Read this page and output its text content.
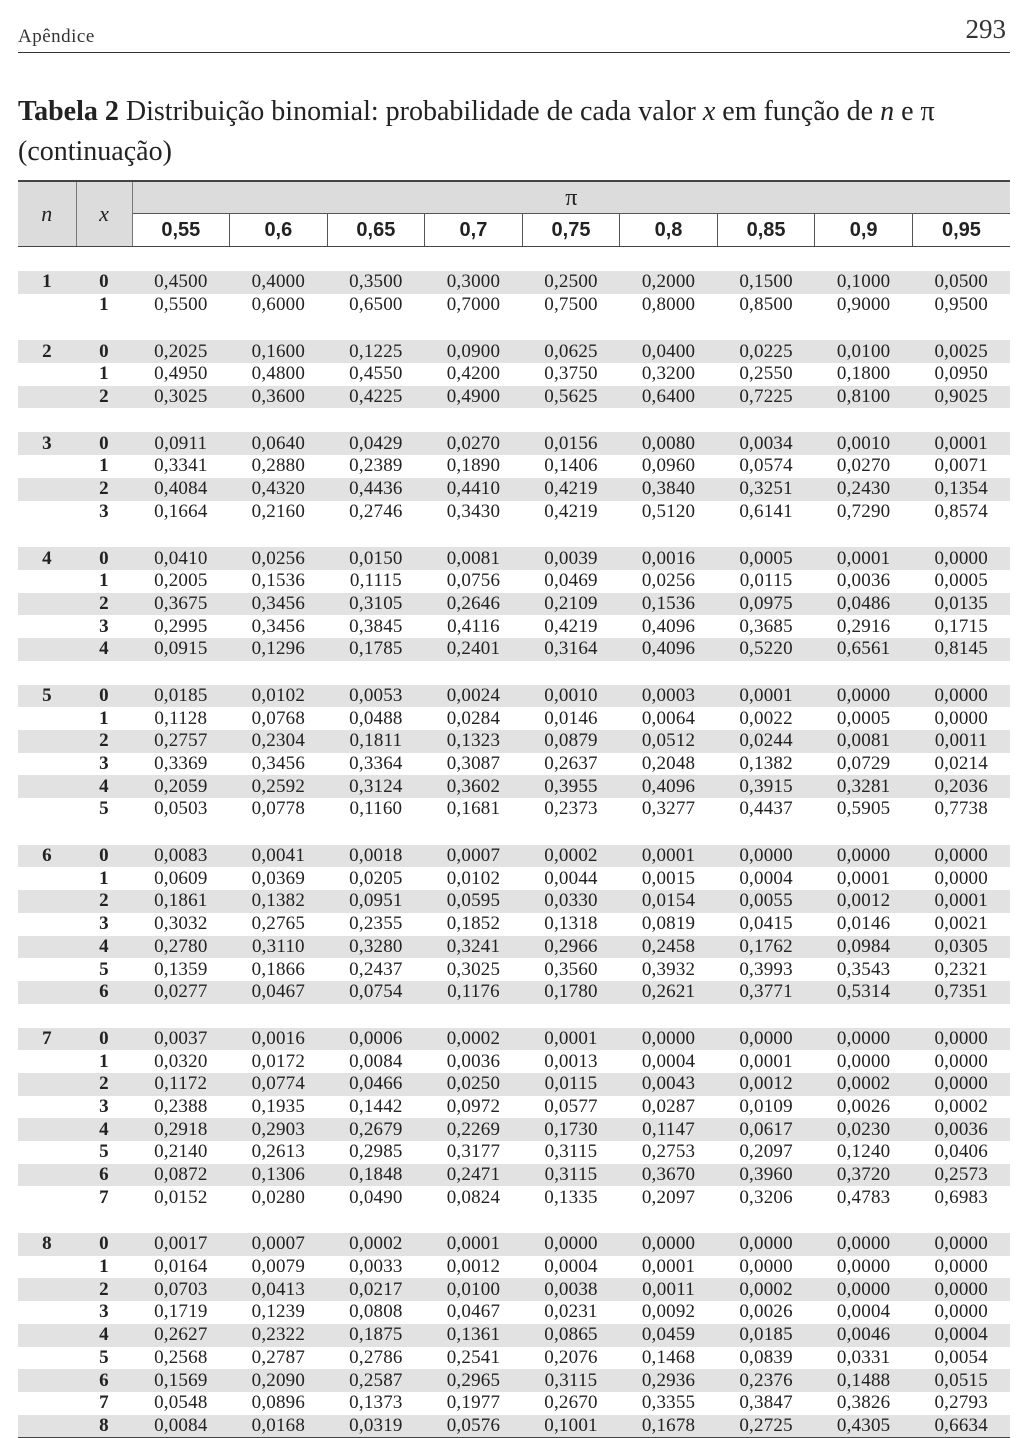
Apêndice	293
Tabela 2 Distribuição binomial: probabilidade de cada valor x em função de n e π (continuação)
n	x	π								
		0,55	0,6	0,65	0,7	0,75	0,8	0,85	0,9	0,95

1	0	0,4500	0,4000	0,3500	0,3000	0,2500	0,2000	0,1500	0,1000	0,0500
	1	0,5500	0,6000	0,6500	0,7000	0,7500	0,8000	0,8500	0,9000	0,9500

2	0	0,2025	0,1600	0,1225	0,0900	0,0625	0,0400	0,0225	0,0100	0,0025
	1	0,4950	0,4800	0,4550	0,4200	0,3750	0,3200	0,2550	0,1800	0,0950
	2	0,3025	0,3600	0,4225	0,4900	0,5625	0,6400	0,7225	0,8100	0,9025

3	0	0,0911	0,0640	0,0429	0,0270	0,0156	0,0080	0,0034	0,0010	0,0001
	1	0,3341	0,2880	0,2389	0,1890	0,1406	0,0960	0,0574	0,0270	0,0071
	2	0,4084	0,4320	0,4436	0,4410	0,4219	0,3840	0,3251	0,2430	0,1354
	3	0,1664	0,2160	0,2746	0,3430	0,4219	0,5120	0,6141	0,7290	0,8574

4	0	0,0410	0,0256	0,0150	0,0081	0,0039	0,0016	0,0005	0,0001	0,0000
	1	0,2005	0,1536	0,1115	0,0756	0,0469	0,0256	0,0115	0,0036	0,0005
	2	0,3675	0,3456	0,3105	0,2646	0,2109	0,1536	0,0975	0,0486	0,0135
	3	0,2995	0,3456	0,3845	0,4116	0,4219	0,4096	0,3685	0,2916	0,1715
	4	0,0915	0,1296	0,1785	0,2401	0,3164	0,4096	0,5220	0,6561	0,8145

5	0	0,0185	0,0102	0,0053	0,0024	0,0010	0,0003	0,0001	0,0000	0,0000
	1	0,1128	0,0768	0,0488	0,0284	0,0146	0,0064	0,0022	0,0005	0,0000
	2	0,2757	0,2304	0,1811	0,1323	0,0879	0,0512	0,0244	0,0081	0,0011
	3	0,3369	0,3456	0,3364	0,3087	0,2637	0,2048	0,1382	0,0729	0,0214
	4	0,2059	0,2592	0,3124	0,3602	0,3955	0,4096	0,3915	0,3281	0,2036
	5	0,0503	0,0778	0,1160	0,1681	0,2373	0,3277	0,4437	0,5905	0,7738

6	0	0,0083	0,0041	0,0018	0,0007	0,0002	0,0001	0,0000	0,0000	0,0000
	1	0,0609	0,0369	0,0205	0,0102	0,0044	0,0015	0,0004	0,0001	0,0000
	2	0,1861	0,1382	0,0951	0,0595	0,0330	0,0154	0,0055	0,0012	0,0001
	3	0,3032	0,2765	0,2355	0,1852	0,1318	0,0819	0,0415	0,0146	0,0021
	4	0,2780	0,3110	0,3280	0,3241	0,2966	0,2458	0,1762	0,0984	0,0305
	5	0,1359	0,1866	0,2437	0,3025	0,3560	0,3932	0,3993	0,3543	0,2321
	6	0,0277	0,0467	0,0754	0,1176	0,1780	0,2621	0,3771	0,5314	0,7351

7	0	0,0037	0,0016	0,0006	0,0002	0,0001	0,0000	0,0000	0,0000	0,0000
	1	0,0320	0,0172	0,0084	0,0036	0,0013	0,0004	0,0001	0,0000	0,0000
	2	0,1172	0,0774	0,0466	0,0250	0,0115	0,0043	0,0012	0,0002	0,0000
	3	0,2388	0,1935	0,1442	0,0972	0,0577	0,0287	0,0109	0,0026	0,0002
	4	0,2918	0,2903	0,2679	0,2269	0,1730	0,1147	0,0617	0,0230	0,0036
	5	0,2140	0,2613	0,2985	0,3177	0,3115	0,2753	0,2097	0,1240	0,0406
	6	0,0872	0,1306	0,1848	0,2471	0,3115	0,3670	0,3960	0,3720	0,2573
	7	0,0152	0,0280	0,0490	0,0824	0,1335	0,2097	0,3206	0,4783	0,6983

8	0	0,0017	0,0007	0,0002	0,0001	0,0000	0,0000	0,0000	0,0000	0,0000
	1	0,0164	0,0079	0,0033	0,0012	0,0004	0,0001	0,0000	0,0000	0,0000
	2	0,0703	0,0413	0,0217	0,0100	0,0038	0,0011	0,0002	0,0000	0,0000
	3	0,1719	0,1239	0,0808	0,0467	0,0231	0,0092	0,0026	0,0004	0,0000
	4	0,2627	0,2322	0,1875	0,1361	0,0865	0,0459	0,0185	0,0046	0,0004
	5	0,2568	0,2787	0,2786	0,2541	0,2076	0,1468	0,0839	0,0331	0,0054
	6	0,1569	0,2090	0,2587	0,2965	0,3115	0,2936	0,2376	0,1488	0,0515
	7	0,0548	0,0896	0,1373	0,1977	0,2670	0,3355	0,3847	0,3826	0,2793
	8	0,0084	0,0168	0,0319	0,0576	0,1001	0,1678	0,2725	0,4305	0,6634
